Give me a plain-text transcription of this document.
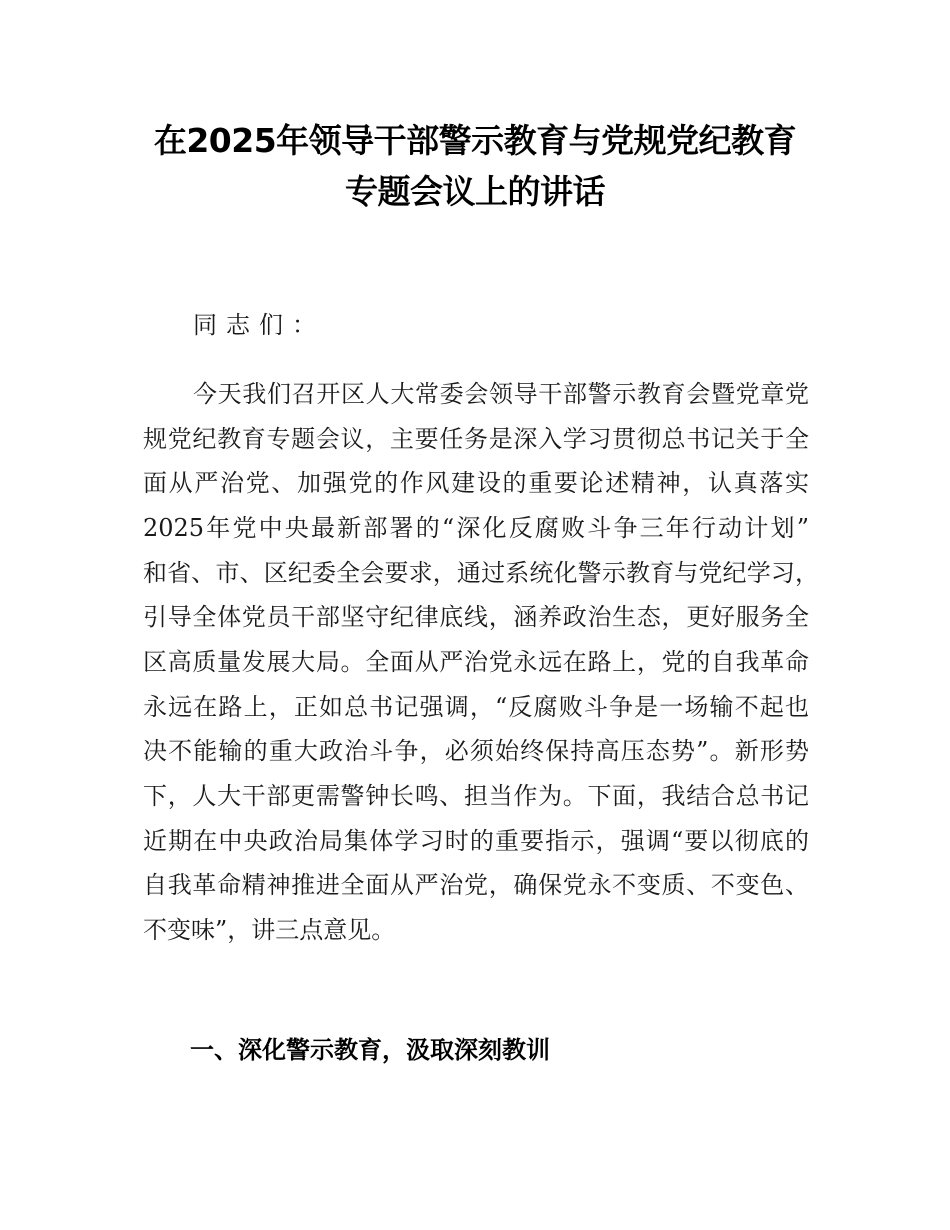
在2025年领导干部警示教育与党规党纪教育
专题会议上的讲话
同志们：
今天我们召开区人大常委会领导干部警示教育会暨党章党
规党纪教育专题会议，主要任务是深入学习贯彻总书记关于全
面从严治党、加强党的作风建设的重要论述精神，认真落实
2025年党中央最新部署的“深化反腐败斗争三年行动计划”
和省、市、区纪委全会要求，通过系统化警示教育与党纪学习，
引导全体党员干部坚守纪律底线，涵养政治生态，更好服务全
区高质量发展大局。全面从严治党永远在路上，党的自我革命
永远在路上，正如总书记强调，“反腐败斗争是一场输不起也
决不能输的重大政治斗争，必须始终保持高压态势”。新形势
下，人大干部更需警钟长鸣、担当作为。下面，我结合总书记
近期在中央政治局集体学习时的重要指示，强调“要以彻底的
自我革命精神推进全面从严治党，确保党永不变质、不变色、
不变味”，讲三点意见。
一、深化警示教育，汲取深刻教训
